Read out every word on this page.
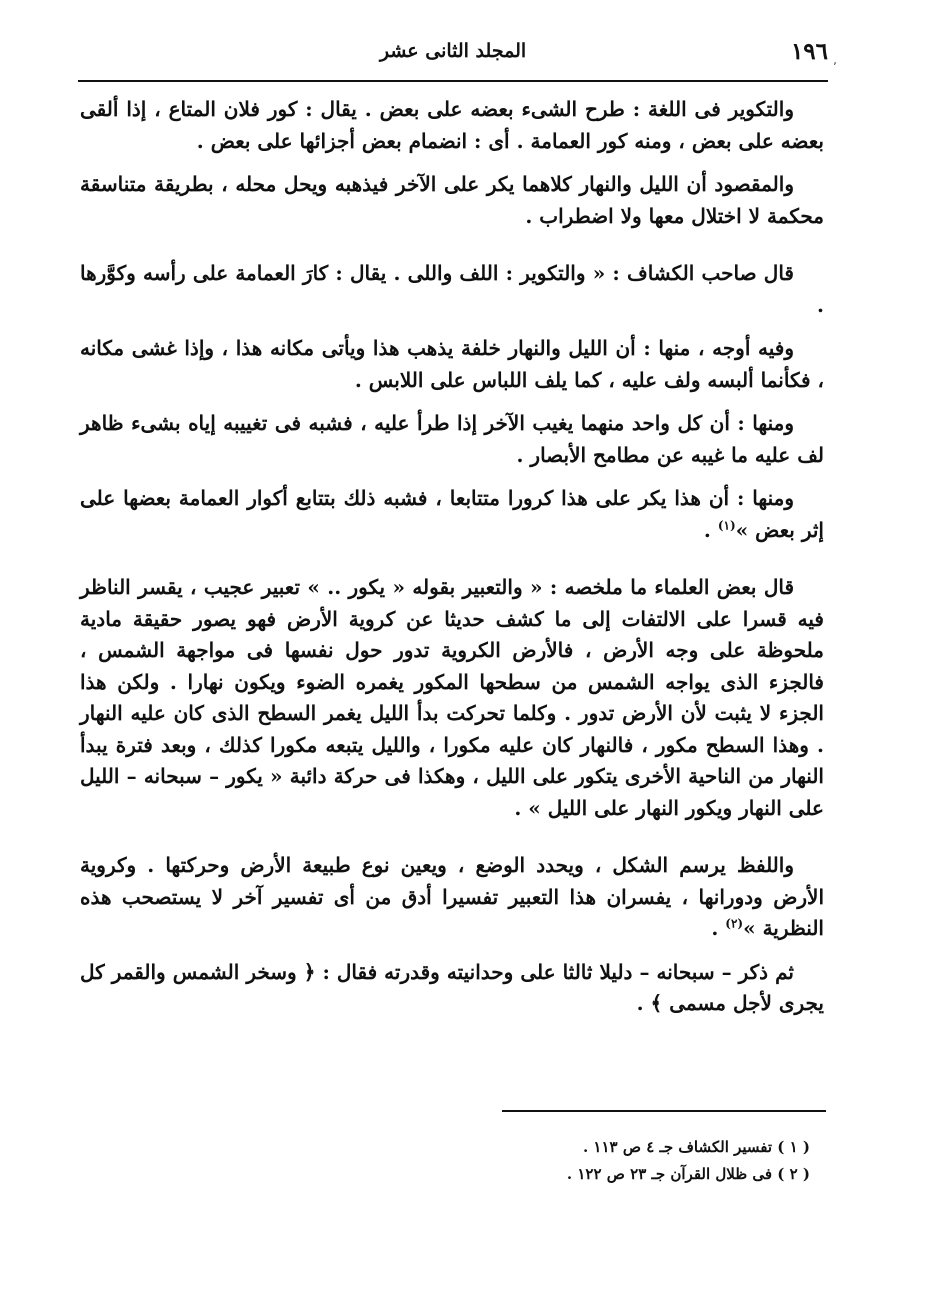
١٩٦
المجلد الثانى عشر
٬

والتكوير فى اللغة : طرح الشىء بعضه على بعض . يقال : كور فلان المتاع ، إذا ألقى بعضه على بعض ، ومنه كور العمامة . أى : انضمام بعض أجزائها على بعض .

والمقصود أن الليل والنهار كلاهما يكر على الآخر فيذهبه ويحل محله ، بطريقة متناسقة محكمة لا اختلال معها ولا اضطراب .

قال صاحب الكشاف : « والتكوير : اللف واللى . يقال : كارَ العمامة على رأسه وكوَّرها .

وفيه أوجه ، منها : أن الليل والنهار خلفة يذهب هذا ويأتى مكانه هذا ، وإذا غشى مكانه ، فكأنما ألبسه ولف عليه ، كما يلف اللباس على اللابس .

ومنها : أن كل واحد منهما يغيب الآخر إذا طرأ عليه ، فشبه فى تغييبه إياه بشىء ظاهر لف عليه ما غيبه عن مطامح الأبصار .

ومنها : أن هذا يكر على هذا كرورا متتابعا ، فشبه ذلك بتتابع أكوار العمامة بعضها على إثر بعض »$^{(١)}$ .

قال بعض العلماء ما ملخصه : « والتعبير بقوله « يكور .. » تعبير عجيب ، يقسر الناظر فيه قسرا على الالتفات إلى ما كشف حديثا عن كروية الأرض فهو يصور حقيقة مادية ملحوظة على وجه الأرض ، فالأرض الكروية تدور حول نفسها فى مواجهة الشمس ، فالجزء الذى يواجه الشمس من سطحها المكور يغمره الضوء ويكون نهارا . ولكن هذا الجزء لا يثبت لأن الأرض تدور . وكلما تحركت بدأ الليل يغمر السطح الذى كان عليه النهار . وهذا السطح مكور ، فالنهار كان عليه مكورا ، والليل يتبعه مكورا كذلك ، وبعد فترة يبدأ النهار من الناحية الأخرى يتكور على الليل ، وهكذا فى حركة دائبة « يكور – سبحانه – الليل على النهار ويكور النهار على الليل » .

واللفظ يرسم الشكل ، ويحدد الوضع ، ويعين نوع طبيعة الأرض وحركتها . وكروية الأرض ودورانها ، يفسران هذا التعبير تفسيرا أدق من أى تفسير آخر لا يستصحب هذه النظرية »$^{(٢)}$ .

ثم ذكر – سبحانه – دليلا ثالثا على وحدانيته وقدرته فقال : ﴿ وسخر الشمس والقمر كل يجرى لأجل مسمى ﴾ .

( ١ ) تفسير الكشاف جـ ٤ ص ١١٣ .
( ٢ ) فى ظلال القرآن جـ ٢٣ ص ١٢٢ .
